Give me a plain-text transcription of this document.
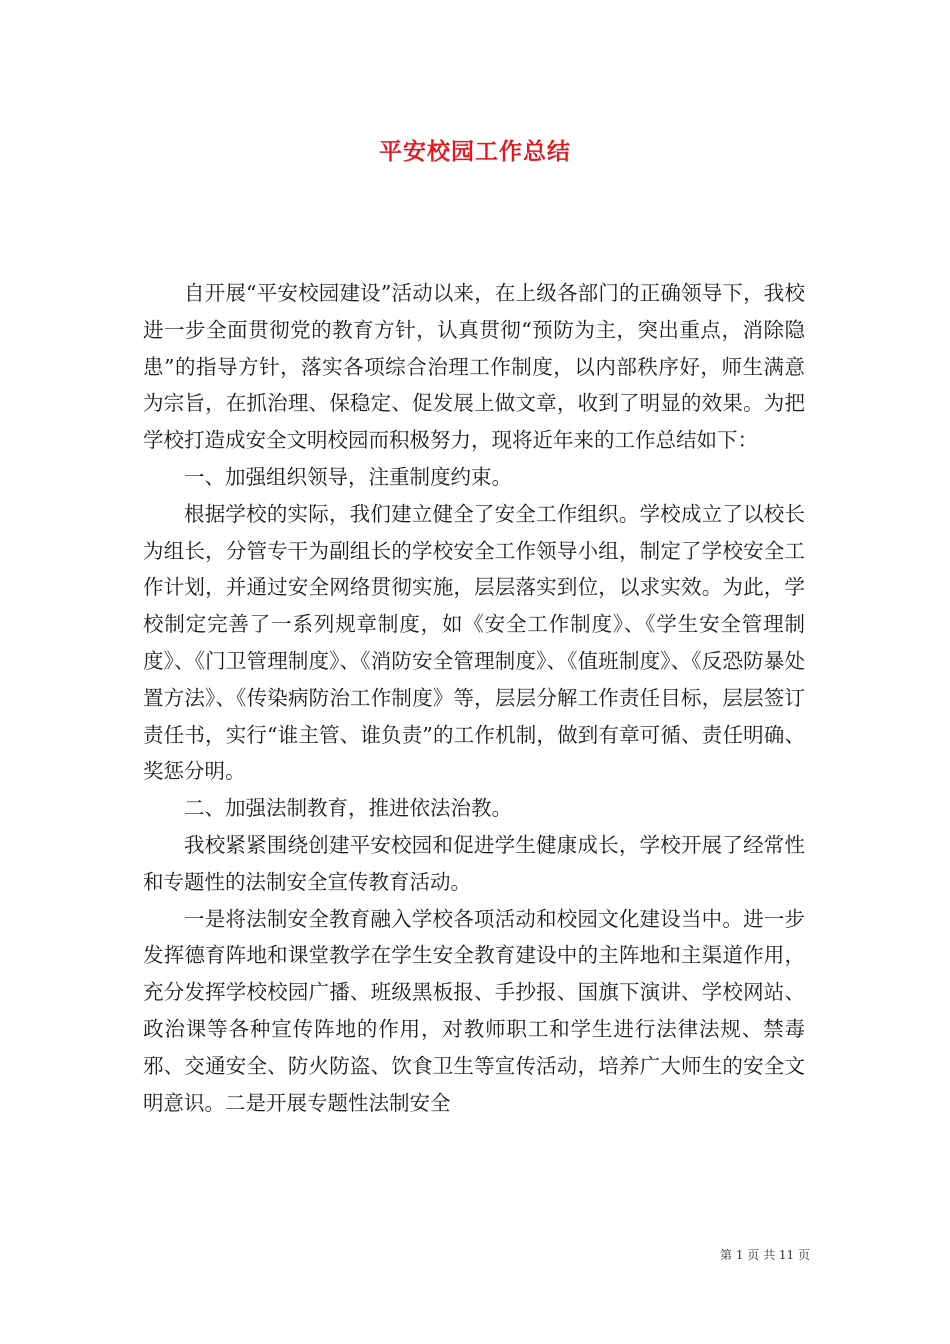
平安校园工作总结

自开展“平安校园建设”活动以来，在上级各部门的正确领导下，我校进一步全面贯彻党的教育方针，认真贯彻“预防为主，突出重点，消除隐患”的指导方针，落实各项综合治理工作制度，以内部秩序好，师生满意为宗旨，在抓治理、保稳定、促发展上做文章，收到了明显的效果。为把学校打造成安全文明校园而积极努力，现将近年来的工作总结如下：

一、加强组织领导，注重制度约束。

根据学校的实际，我们建立健全了安全工作组织。学校成立了以校长为组长，分管专干为副组长的学校安全工作领导小组，制定了学校安全工作计划，并通过安全网络贯彻实施，层层落实到位，以求实效。为此，学校制定完善了一系列规章制度，如《安全工作制度》、《学生安全管理制度》、《门卫管理制度》、《消防安全管理制度》、《值班制度》、《反恐防暴处置方法》、《传染病防治工作制度》等，层层分解工作责任目标，层层签订责任书，实行“谁主管、谁负责”的工作机制，做到有章可循、责任明确、奖惩分明。

二、加强法制教育，推进依法治教。

我校紧紧围绕创建平安校园和促进学生健康成长，学校开展了经常性和专题性的法制安全宣传教育活动。

一是将法制安全教育融入学校各项活动和校园文化建设当中。进一步发挥德育阵地和课堂教学在学生安全教育建设中的主阵地和主渠道作用，充分发挥学校校园广播、班级黑板报、手抄报、国旗下演讲、学校网站、政治课等各种宣传阵地的作用，对教师职工和学生进行法律法规、禁毒邪、交通安全、防火防盗、饮食卫生等宣传活动，培养广大师生的安全文明意识。二是开展专题性法制安全

第 1 页 共 11 页
